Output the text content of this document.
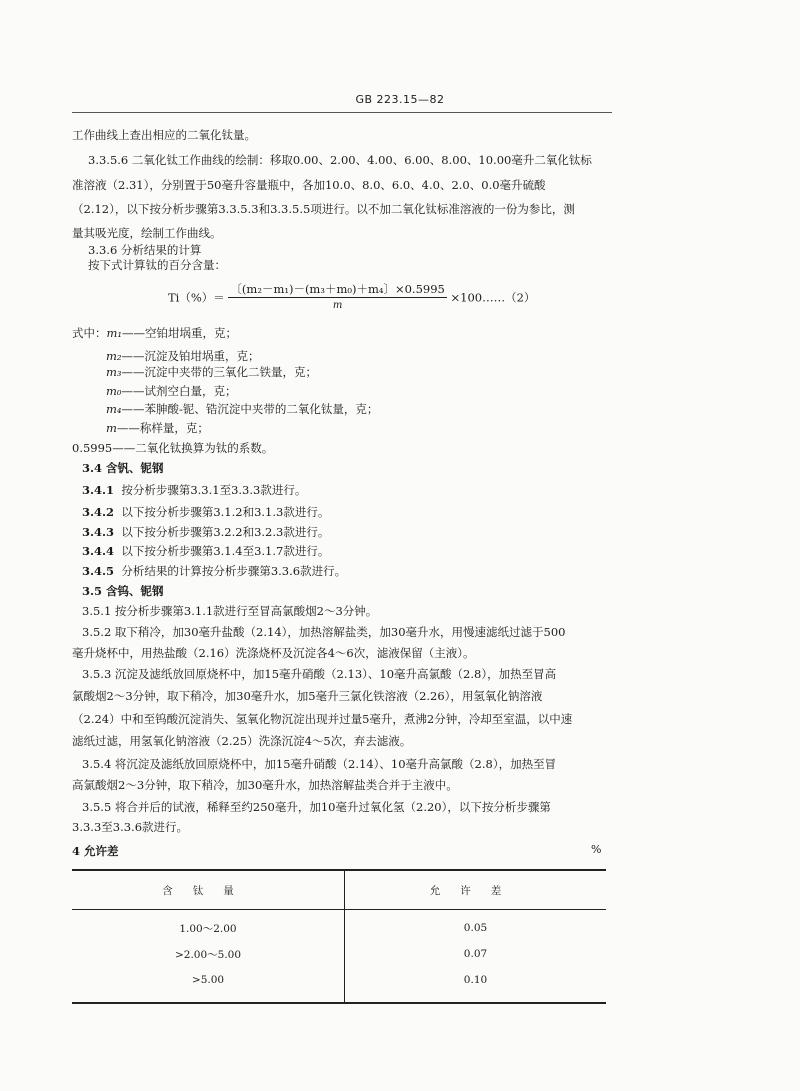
GB 223.15—82
工作曲线上查出相应的二氧化钛量。
3.3.5.6 二氧化钛工作曲线的绘制：移取0.00、2.00、4.00、6.00、8.00、10.00毫升二氧化钛标
准溶液（2.31），分别置于50毫升容量瓶中，各加10.0、8.0、6.0、4.0、2.0、0.0毫升硫酸
（2.12），以下按分析步骤第3.3.5.3和3.3.5.5项进行。以不加二氧化钛标准溶液的一份为参比，测
量其吸光度，绘制工作曲线。
3.3.6 分析结果的计算
按下式计算钛的百分含量：
$Ti(\%)= \frac{\text{〔(m₂－m₁)－(m₃＋m₀)＋m₄〕×0.5995}}{m}$ ×100……（2）
式中：m₁——空铂坩埚重，克；
m₂——沉淀及铂坩埚重，克；
m₃——沉淀中夹带的三氧化二铁量，克；
m₀——试剂空白量，克；
m₄——苯胂酸-铌、锆沉淀中夹带的二氧化钛量，克；
m——称样量，克；
0.5995——二氧化钛换算为钛的系数。
3.4 含钒、铌钢
3.4.1 按分析步骤第3.3.1至3.3.3款进行。
3.4.2 以下按分析步骤第3.1.2和3.1.3款进行。
3.4.3 以下按分析步骤第3.2.2和3.2.3款进行。
3.4.4 以下按分析步骤第3.1.4至3.1.7款进行。
3.4.5 分析结果的计算按分析步骤第3.3.6款进行。
3.5 含钨、铌钢
3.5.1 按分析步骤第3.1.1款进行至冒高氯酸烟2～3分钟。
3.5.2 取下稍冷，加30毫升盐酸（2.14），加热溶解盐类，加30毫升水，用慢速滤纸过滤于500
毫升烧杯中，用热盐酸（2.16）洗涤烧杯及沉淀各4～6次，滤液保留（主液）。
3.5.3 沉淀及滤纸放回原烧杯中，加15毫升硝酸（2.13）、10毫升高氯酸（2.8），加热至冒高
氯酸烟2～3分钟，取下稍冷，加30毫升水，加5毫升三氯化铁溶液（2.26），用氢氧化钠溶液
（2.24）中和至钨酸沉淀消失、氢氧化物沉淀出现并过量5毫升，煮沸2分钟，冷却至室温，以中速
滤纸过滤，用氢氧化钠溶液（2.25）洗涤沉淀4～5次，弃去滤液。
3.5.4 将沉淀及滤纸放回原烧杯中，加15毫升硝酸（2.14）、10毫升高氯酸（2.8），加热至冒
高氯酸烟2～3分钟，取下稍冷，加30毫升水，加热溶解盐类合并于主液中。
3.5.5 将合并后的试液，稀释至约250毫升，加10毫升过氧化氢（2.20），以下按分析步骤第
3.3.3至3.3.6款进行。
4 允许差	%
含钛量	允许差
1.00～2.00	0.05
>2.00～5.00	0.07
>5.00	0.10
